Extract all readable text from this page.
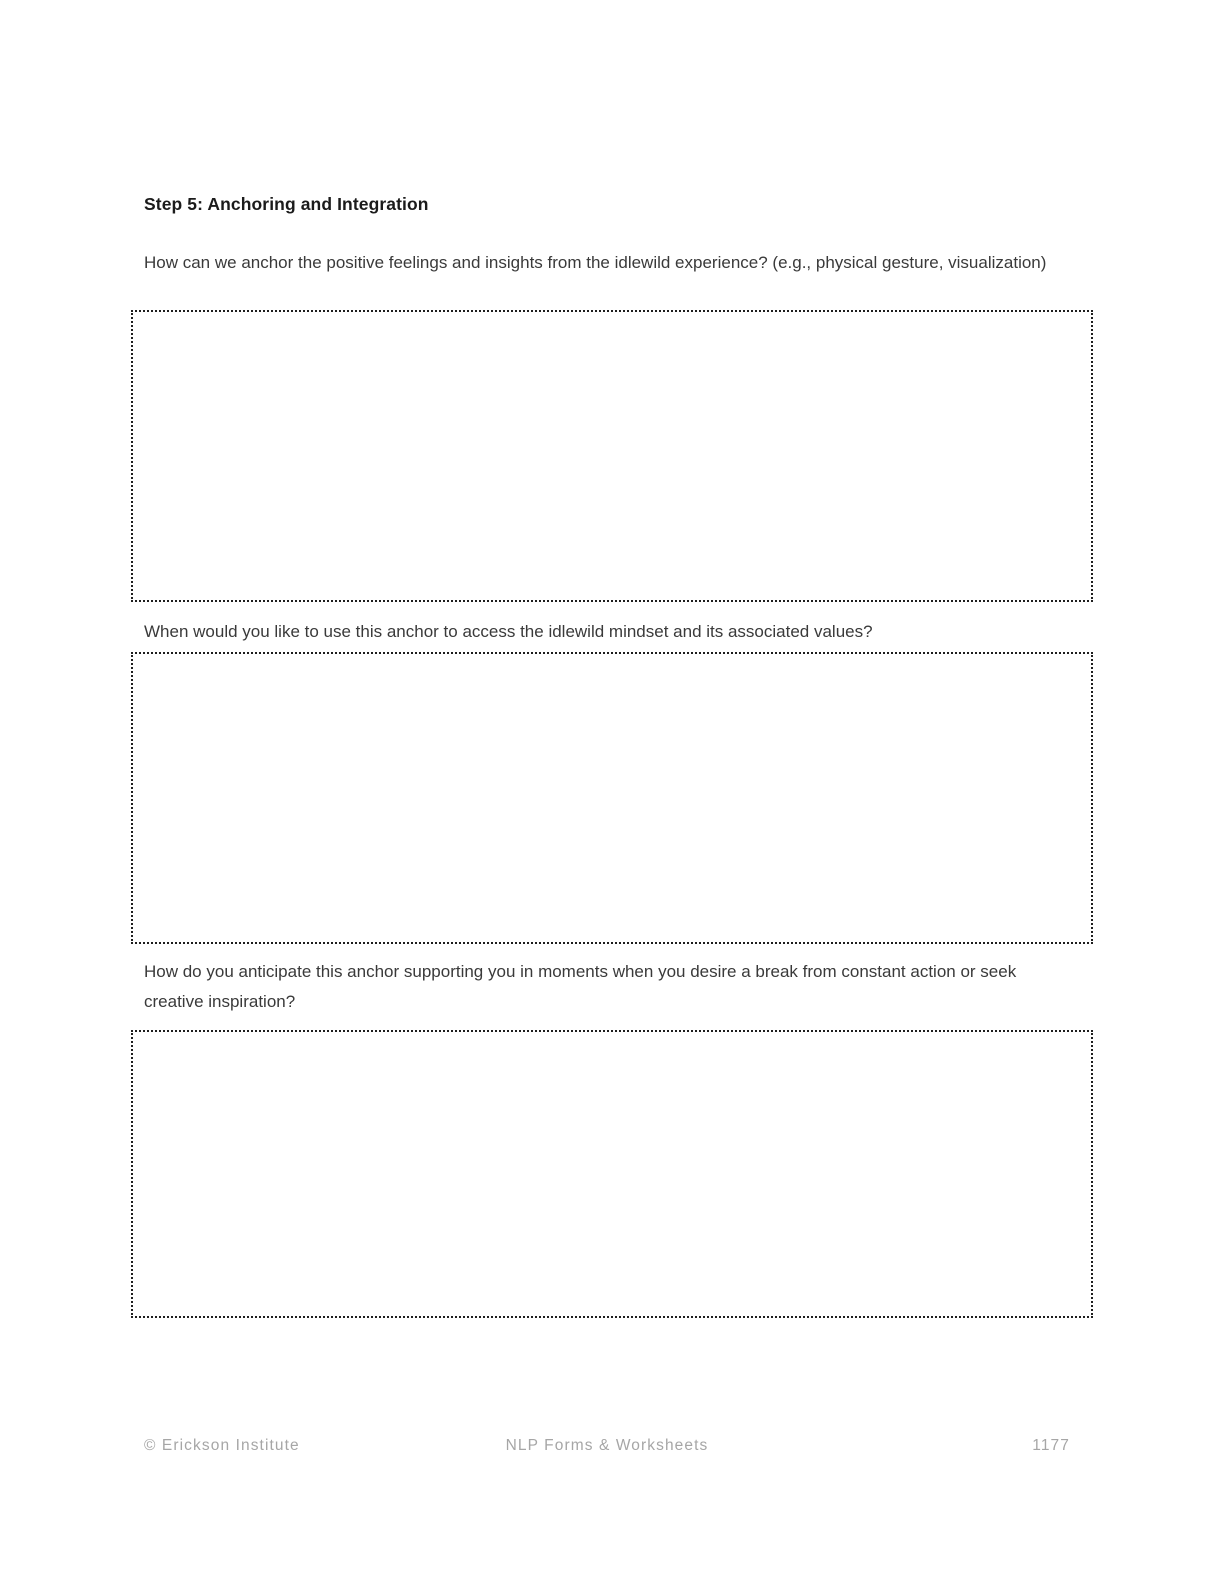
Step 5: Anchoring and Integration

How can we anchor the positive feelings and insights from the idlewild experience? (e.g., physical gesture, visualization)

When would you like to use this anchor to access the idlewild mindset and its associated values?

How do you anticipate this anchor supporting you in moments when you desire a break from constant action or seek creative inspiration?

© Erickson Institute	NLP Forms & Worksheets	1177
